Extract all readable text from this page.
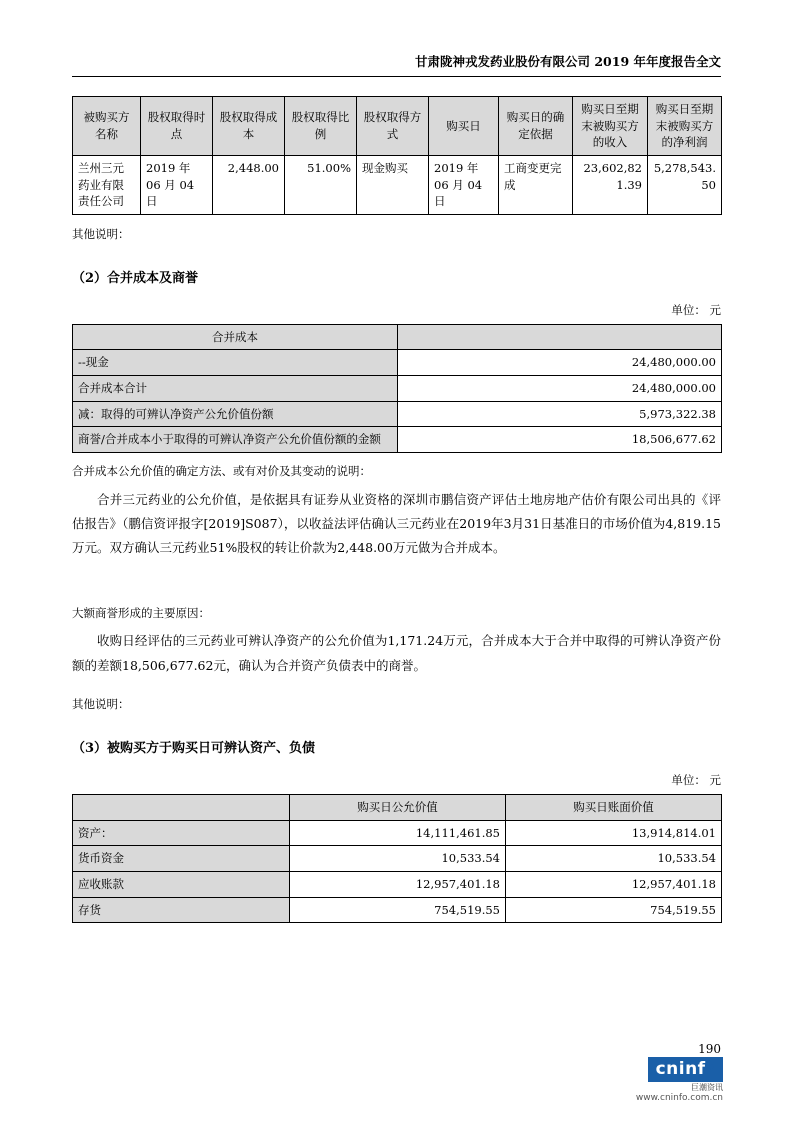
甘肃陇神戎发药业股份有限公司 2019 年年度报告全文
被购买方名称	股权取得时点	股权取得成本	股权取得比例	股权取得方式	购买日	购买日的确定依据	购买日至期末被购买方的收入	购买日至期末被购买方的净利润
兰州三元药业有限责任公司	2019 年 06 月 04 日	2,448.00	51.00%	现金购买	2019 年 06 月 04 日	工商变更完成	23,602,821.39	5,278,543.50

其他说明：

（2）合并成本及商誉
单位： 元
合并成本	
--现金	24,480,000.00
合并成本合计	24,480,000.00
减：取得的可辨认净资产公允价值份额	5,973,322.38
商誉/合并成本小于取得的可辨认净资产公允价值份额的金额	18,506,677.62

合并成本公允价值的确定方法、或有对价及其变动的说明：

合并三元药业的公允价值，是依据具有证券从业资格的深圳市鹏信资产评估土地房地产估价有限公司出具的《评估报告》（鹏信资评报字[2019]S087），以收益法评估确认三元药业在2019年3月31日基准日的市场价值为4,819.15万元。双方确认三元药业51%股权的转让价款为2,448.00万元做为合并成本。

大额商誉形成的主要原因：

收购日经评估的三元药业可辨认净资产的公允价值为1,171.24万元，合并成本大于合并中取得的可辨认净资产份额的差额18,506,677.62元，确认为合并资产负债表中的商誉。

其他说明：

（3）被购买方于购买日可辨认资产、负债
单位： 元
	购买日公允价值	购买日账面价值
资产：	14,111,461.85	13,914,814.01
货币资金	10,533.54	10,533.54
应收账款	12,957,401.18	12,957,401.18
存货	754,519.55	754,519.55
190
cninf 5
巨潮资讯
www.cninfo.com.cn
